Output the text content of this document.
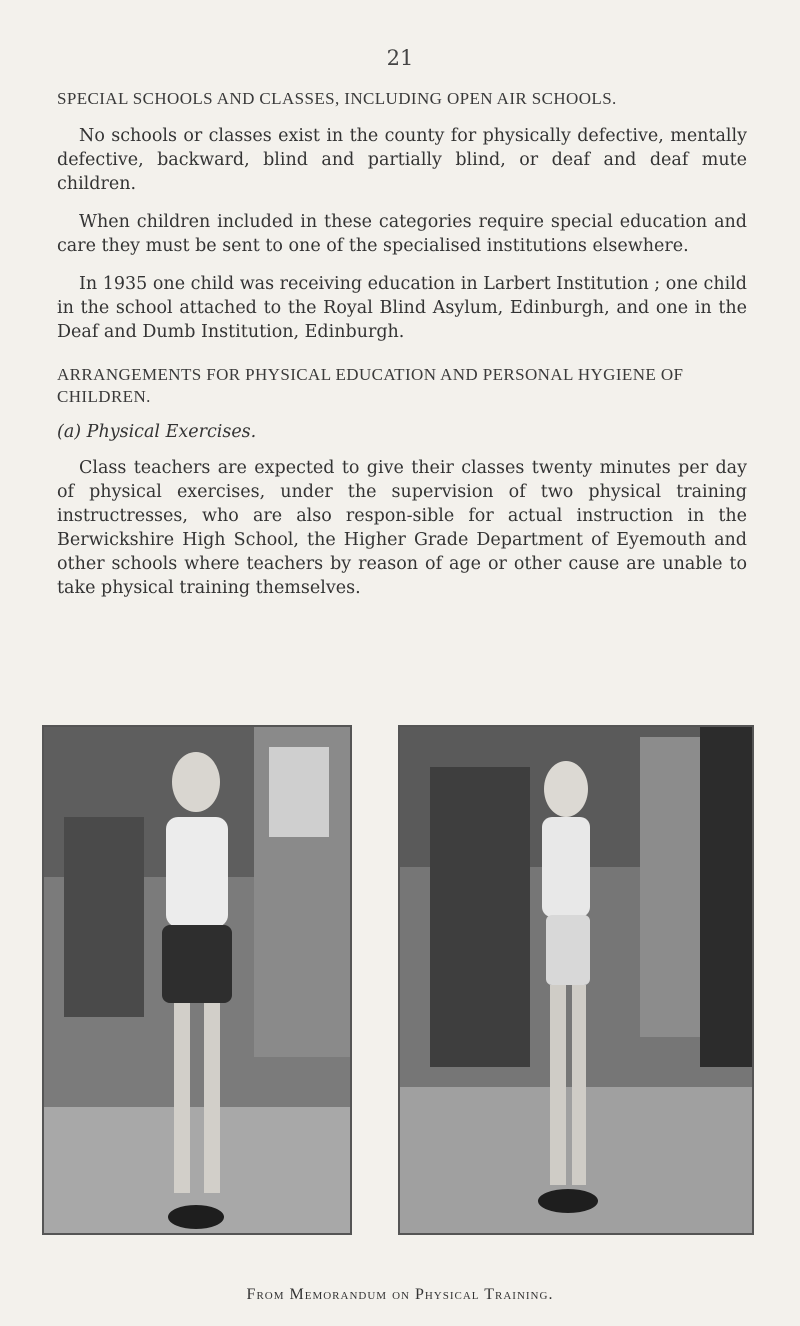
21

SPECIAL SCHOOLS AND CLASSES, INCLUDING OPEN AIR SCHOOLS.

No schools or classes exist in the county for physically defective, mentally defective, backward, blind and partially blind, or deaf and deaf mute children.

When children included in these categories require special education and care they must be sent to one of the specialised institutions elsewhere.

In 1935 one child was receiving education in Larbert Institution ; one child in the school attached to the Royal Blind Asylum, Edinburgh, and one in the Deaf and Dumb Institution, Edinburgh.

ARRANGEMENTS FOR PHYSICAL EDUCATION AND PERSONAL HYGIENE OF CHILDREN.

(a) Physical Exercises.

Class teachers are expected to give their classes twenty minutes per day of physical exercises, under the supervision of two physical training instructresses, who are also respon-sible for actual instruction in the Berwickshire High School, the Higher Grade Department of Eyemouth and other schools where teachers by reason of age or other cause are unable to take physical training themselves.

From Memorandum on Physical Training.
